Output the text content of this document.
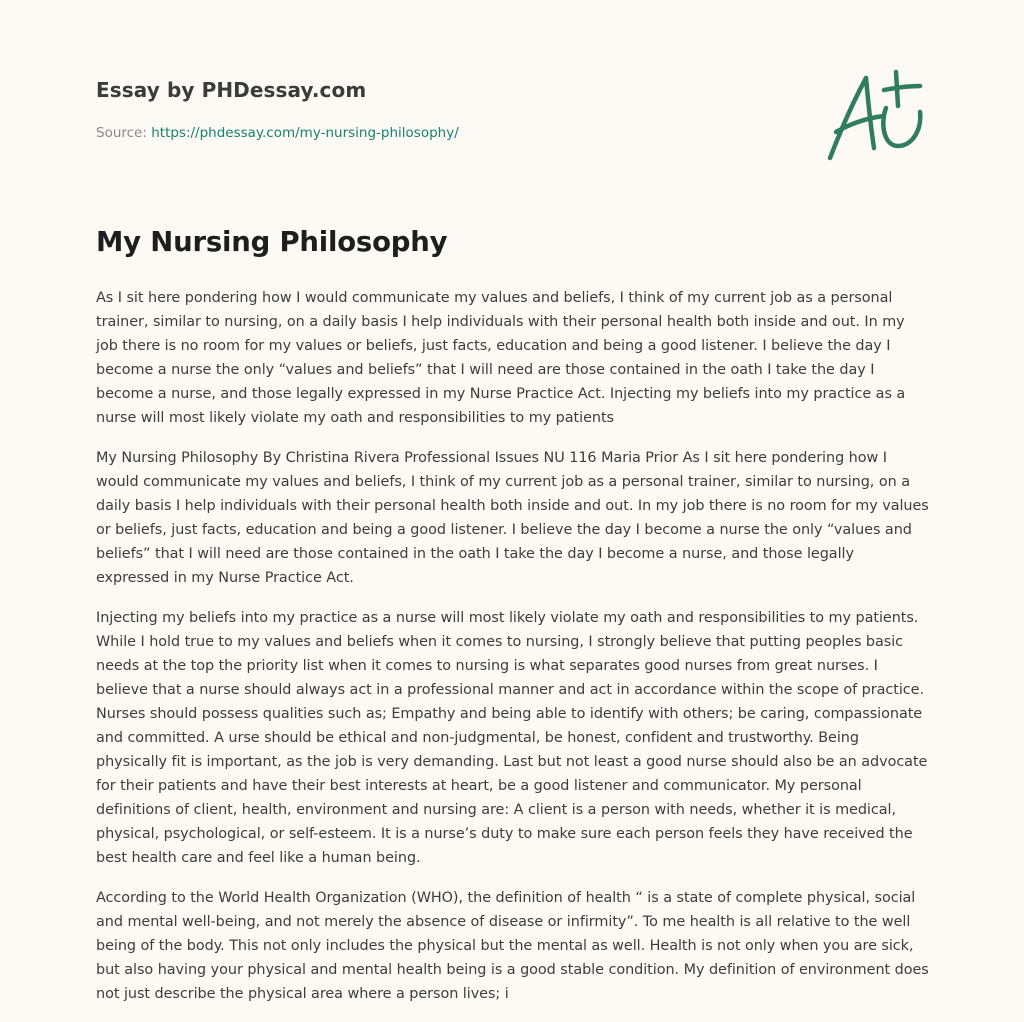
Essay by PHDessay.com
Source: https://phdessay.com/my-nursing-philosophy/
My Nursing Philosophy

As I sit here pondering how I would communicate my values and beliefs, I think of my current job as a personal trainer, similar to nursing, on a daily basis I help individuals with their personal health both inside and out. In my job there is no room for my values or beliefs, just facts, education and being a good listener. I believe the day I become a nurse the only “values and beliefs” that I will need are those contained in the oath I take the day I become a nurse, and those legally expressed in my Nurse Practice Act. Injecting my beliefs into my practice as a nurse will most likely violate my oath and responsibilities to my patients

My Nursing Philosophy By Christina Rivera Professional Issues NU 116 Maria Prior As I sit here pondering how I would communicate my values and beliefs, I think of my current job as a personal trainer, similar to nursing, on a daily basis I help individuals with their personal health both inside and out. In my job there is no room for my values or beliefs, just facts, education and being a good listener. I believe the day I become a nurse the only “values and beliefs” that I will need are those contained in the oath I take the day I become a nurse, and those legally expressed in my Nurse Practice Act.

Injecting my beliefs into my practice as a nurse will most likely violate my oath and responsibilities to my patients. While I hold true to my values and beliefs when it comes to nursing, I strongly believe that putting peoples basic needs at the top the priority list when it comes to nursing is what separates good nurses from great nurses. I believe that a nurse should always act in a professional manner and act in accordance within the scope of practice. Nurses should possess qualities such as; Empathy and being able to identify with others; be caring, compassionate and committed. A urse should be ethical and non-judgmental, be honest, confident and trustworthy. Being physically fit is important, as the job is very demanding. Last but not least a good nurse should also be an advocate for their patients and have their best interests at heart, be a good listener and communicator. My personal definitions of client, health, environment and nursing are: A client is a person with needs, whether it is medical, physical, psychological, or self-esteem. It is a nurse’s duty to make sure each person feels they have received the best health care and feel like a human being.

According to the World Health Organization (WHO), the definition of health “ is a state of complete physical, social and mental well-being, and not merely the absence of disease or infirmity”. To me health is all relative to the well being of the body. This not only includes the physical but the mental as well. Health is not only when you are sick, but also having your physical and mental health being is a good stable condition. My definition of environment does not just describe the physical area where a person lives; i
